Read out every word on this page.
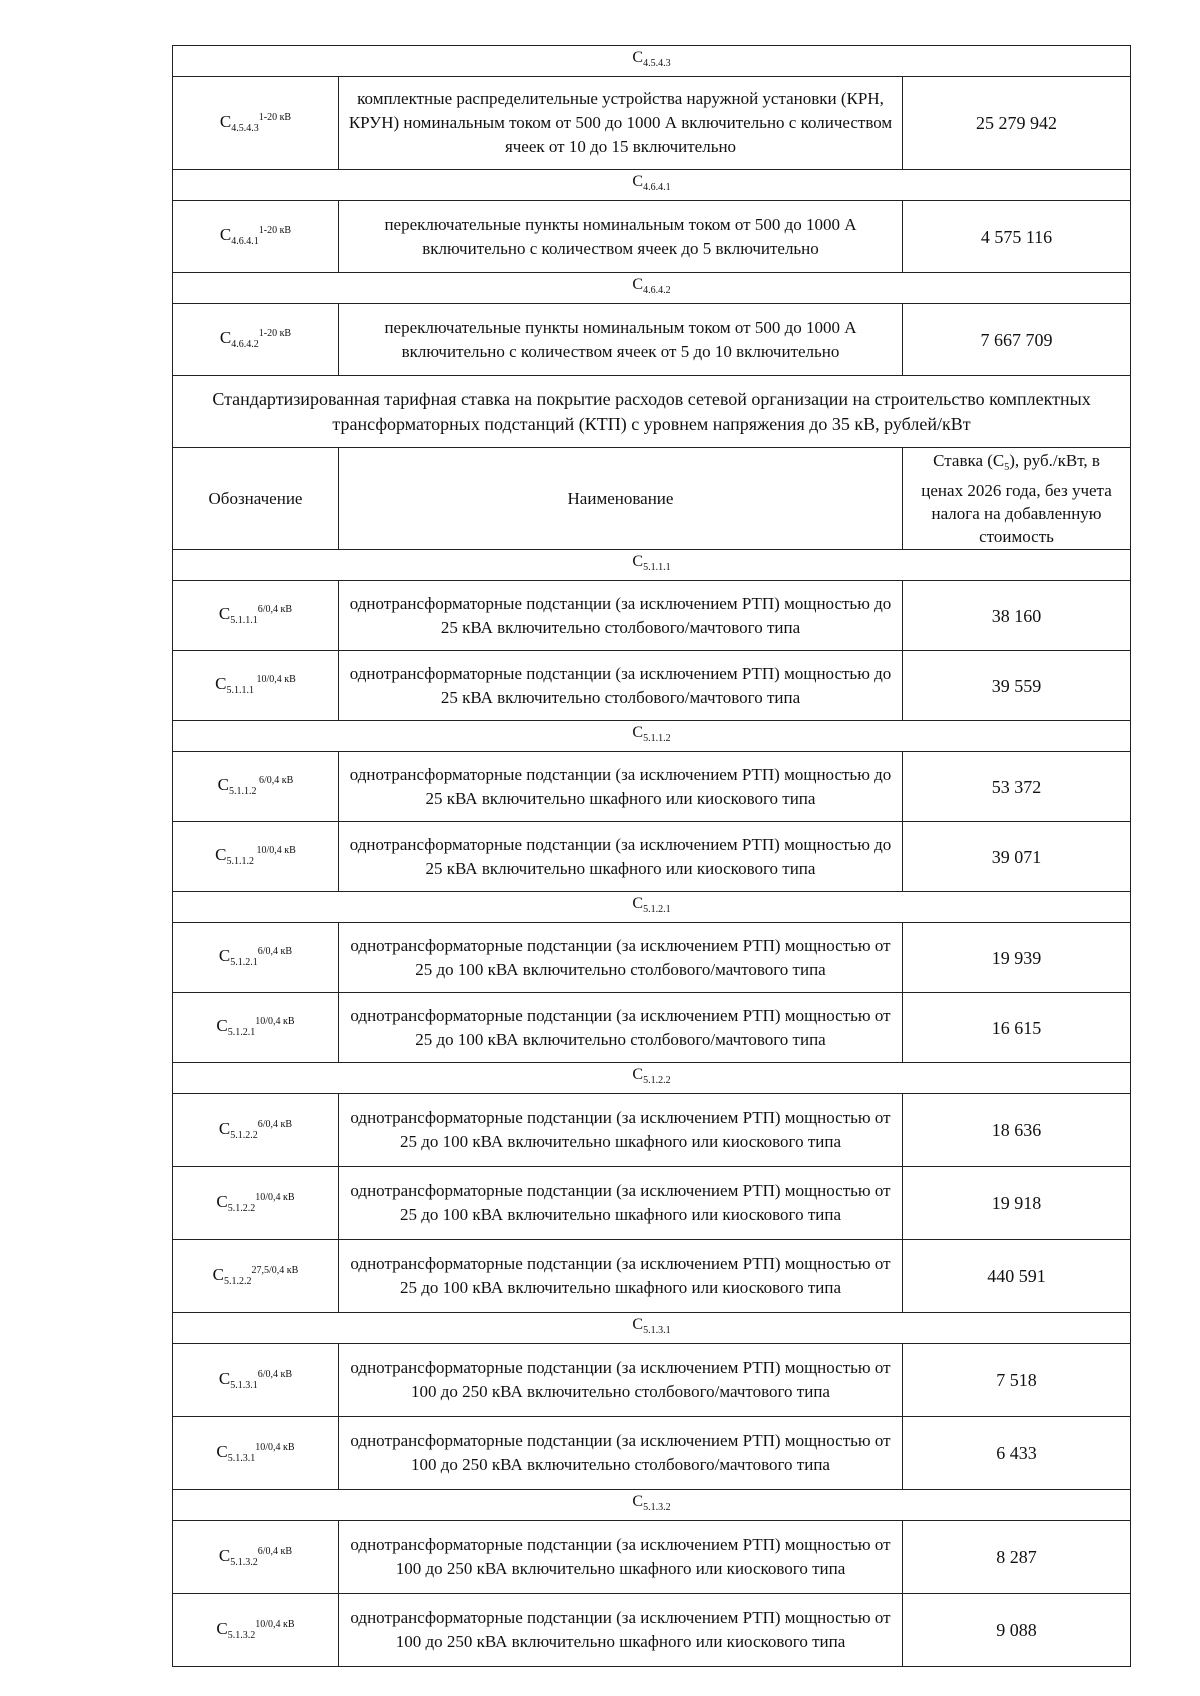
$C_{4.5.4.3}$
$C_{4.5.4.3}^{1-20 кВ}$	комплектные распределительные устройства наружной установки (КРН, КРУН) номинальным током от 500 до 1000 А включительно с количеством ячеек от 10 до 15 включительно	25 279 942
$C_{4.6.4.1}$
$C_{4.6.4.1}^{1-20 кВ}$	переключательные пункты номинальным током от 500 до 1000 А включительно с количеством ячеек до 5 включительно	4 575 116
$C_{4.6.4.2}$
$C_{4.6.4.2}^{1-20 кВ}$	переключательные пункты номинальным током от 500 до 1000 А включительно с количеством ячеек от 5 до 10 включительно	7 667 709
Стандартизированная тарифная ставка на покрытие расходов сетевой организации на строительство комплектных трансформаторных подстанций (КТП) с уровнем напряжения до 35 кВ, рублей/кВт		
Обозначение	Наименование	Ставка $(С_5)$, руб./кВт, в ценах 2026 года, без учета налога на добавленную стоимость
$C_{5.1.1.1}$
$C_{5.1.1.1}^{6/0,4 кВ}$	однотрансформаторные подстанции (за исключением РТП) мощностью до 25 кВА включительно столбового/мачтового типа	38 160
$C_{5.1.1.1}$ $^{10/0,4 кВ}$	однотрансформаторные подстанции (за исключением РТП) мощностью до 25 кВА включительно столбового/мачтового типа	39 559
$C_{5.1.1.2}$
$C_{5.1.1.2}$ $^{6/0,4 кВ}$	однотрансформаторные подстанции (за исключением РТП) мощностью до 25 кВА включительно шкафного или киоскового типа	53 372
$C_{5.1.1.2}$ $^{10/0,4 кВ}$	однотрансформаторные подстанции (за исключением РТП) мощностью до 25 кВА включительно шкафного или киоскового типа	39 071
$C_{5.1.2.1}$
$C_{5.1.2.1}^{6/0,4 кВ}$	однотрансформаторные подстанции (за исключением РТП) мощностью от 25 до 100 кВА включительно столбового/мачтового типа	19 939
$C_{5.1.2.1}^{10/0,4 кВ}$	однотрансформаторные подстанции (за исключением РТП) мощностью от 25 до 100 кВА включительно столбового/мачтового типа	16 615
$C_{5.1.2.2}$
$C_{5.1.2.2}^{6/0,4 кВ}$	однотрансформаторные подстанции (за исключением РТП) мощностью от 25 до 100 кВА включительно шкафного или киоскового типа	18 636
$C_{5.1.2.2}^{10/0,4 кВ}$	однотрансформаторные подстанции (за исключением РТП) мощностью от 25 до 100 кВА включительно шкафного или киоскового типа	19 918
$C_{5.1.2.2}^{27,5/0,4 кВ}$	однотрансформаторные подстанции (за исключением РТП) мощностью от 25 до 100 кВА включительно шкафного или киоскового типа	440 591
$C_{5.1.3.1}$
$C_{5.1.3.1}^{6/0,4 кВ}$	однотрансформаторные подстанции (за исключением РТП) мощностью от 100 до 250 кВА включительно столбового/мачтового типа	7 518
$C_{5.1.3.1}^{10/0,4 кВ}$	однотрансформаторные подстанции (за исключением РТП) мощностью от 100 до 250 кВА включительно столбового/мачтового типа	6 433
$C_{5.1.3.2}$
$C_{5.1.3.2}^{6/0,4 кВ}$	однотрансформаторные подстанции (за исключением РТП) мощностью от 100 до 250 кВА включительно шкафного или киоскового типа	8 287
$C_{5.1.3.2}^{10/0,4 кВ}$	однотрансформаторные подстанции (за исключением РТП) мощностью от 100 до 250 кВА включительно шкафного или киоскового типа	9 088
